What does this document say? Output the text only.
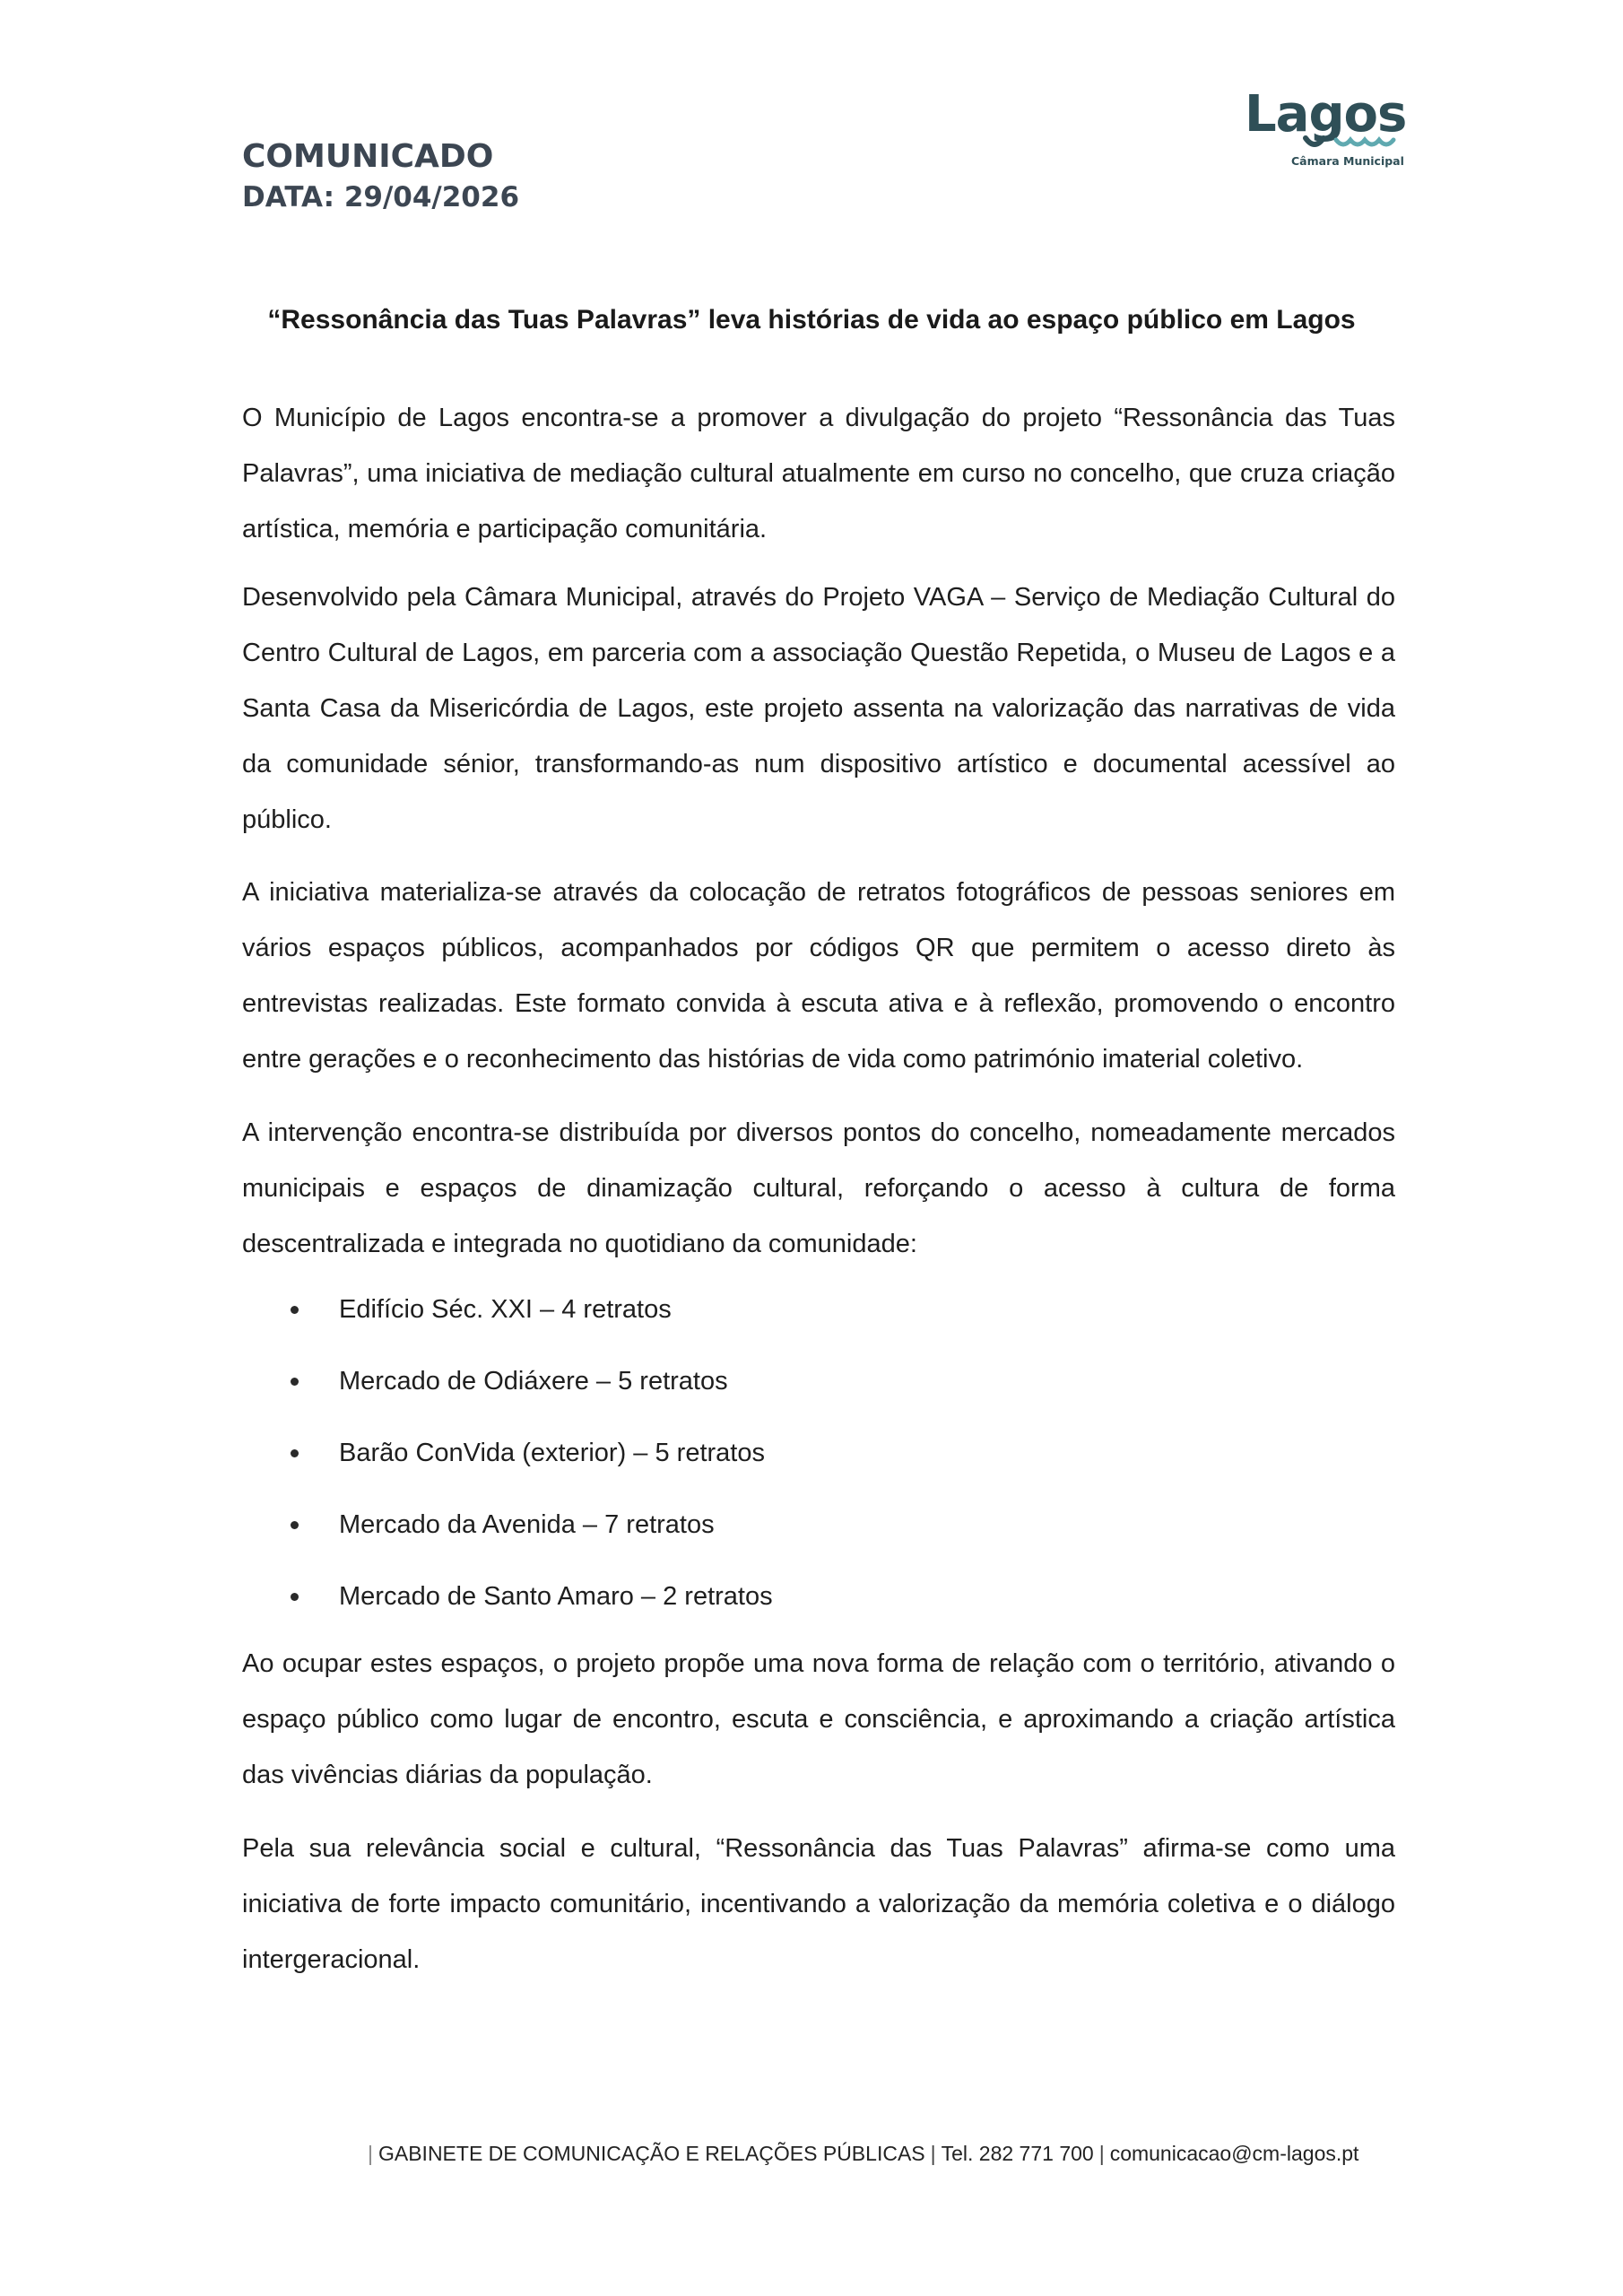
COMUNICADO
DATA: 29/04/2026
Lagos
Câmara Municipal
“Ressonância das Tuas Palavras” leva histórias de vida ao espaço público em Lagos

O Município de Lagos encontra-se a promover a divulgação do projeto “Ressonância das Tuas Palavras”, uma iniciativa de mediação cultural atualmente em curso no concelho, que cruza criação artística, memória e participação comunitária.

Desenvolvido pela Câmara Municipal, através do Projeto VAGA – Serviço de Mediação Cultural do Centro Cultural de Lagos, em parceria com a associação Questão Repetida, o Museu de Lagos e a Santa Casa da Misericórdia de Lagos, este projeto assenta na valorização das narrativas de vida da comunidade sénior, transformando-as num dispositivo artístico e documental acessível ao público.

A iniciativa materializa-se através da colocação de retratos fotográficos de pessoas seniores em vários espaços públicos, acompanhados por códigos QR que permitem o acesso direto às entrevistas realizadas. Este formato convida à escuta ativa e à reflexão, promovendo o encontro entre gerações e o reconhecimento das histórias de vida como património imaterial coletivo.

A intervenção encontra-se distribuída por diversos pontos do concelho, nomeadamente mercados municipais e espaços de dinamização cultural, reforçando o acesso à cultura de forma descentralizada e integrada no quotidiano da comunidade:

Edifício Séc. XXI – 4 retratos
Mercado de Odiáxere – 5 retratos
Barão ConVida (exterior) – 5 retratos
Mercado da Avenida – 7 retratos
Mercado de Santo Amaro – 2 retratos

Ao ocupar estes espaços, o projeto propõe uma nova forma de relação com o território, ativando o espaço público como lugar de encontro, escuta e consciência, e aproximando a criação artística das vivências diárias da população.

Pela sua relevância social e cultural, “Ressonância das Tuas Palavras” afirma-se como uma iniciativa de forte impacto comunitário, incentivando a valorização da memória coletiva e o diálogo intergeracional.

| GABINETE DE COMUNICAÇÃO E RELAÇÕES PÚBLICAS | Tel. 282 771 700 | comunicacao@cm-lagos.pt
